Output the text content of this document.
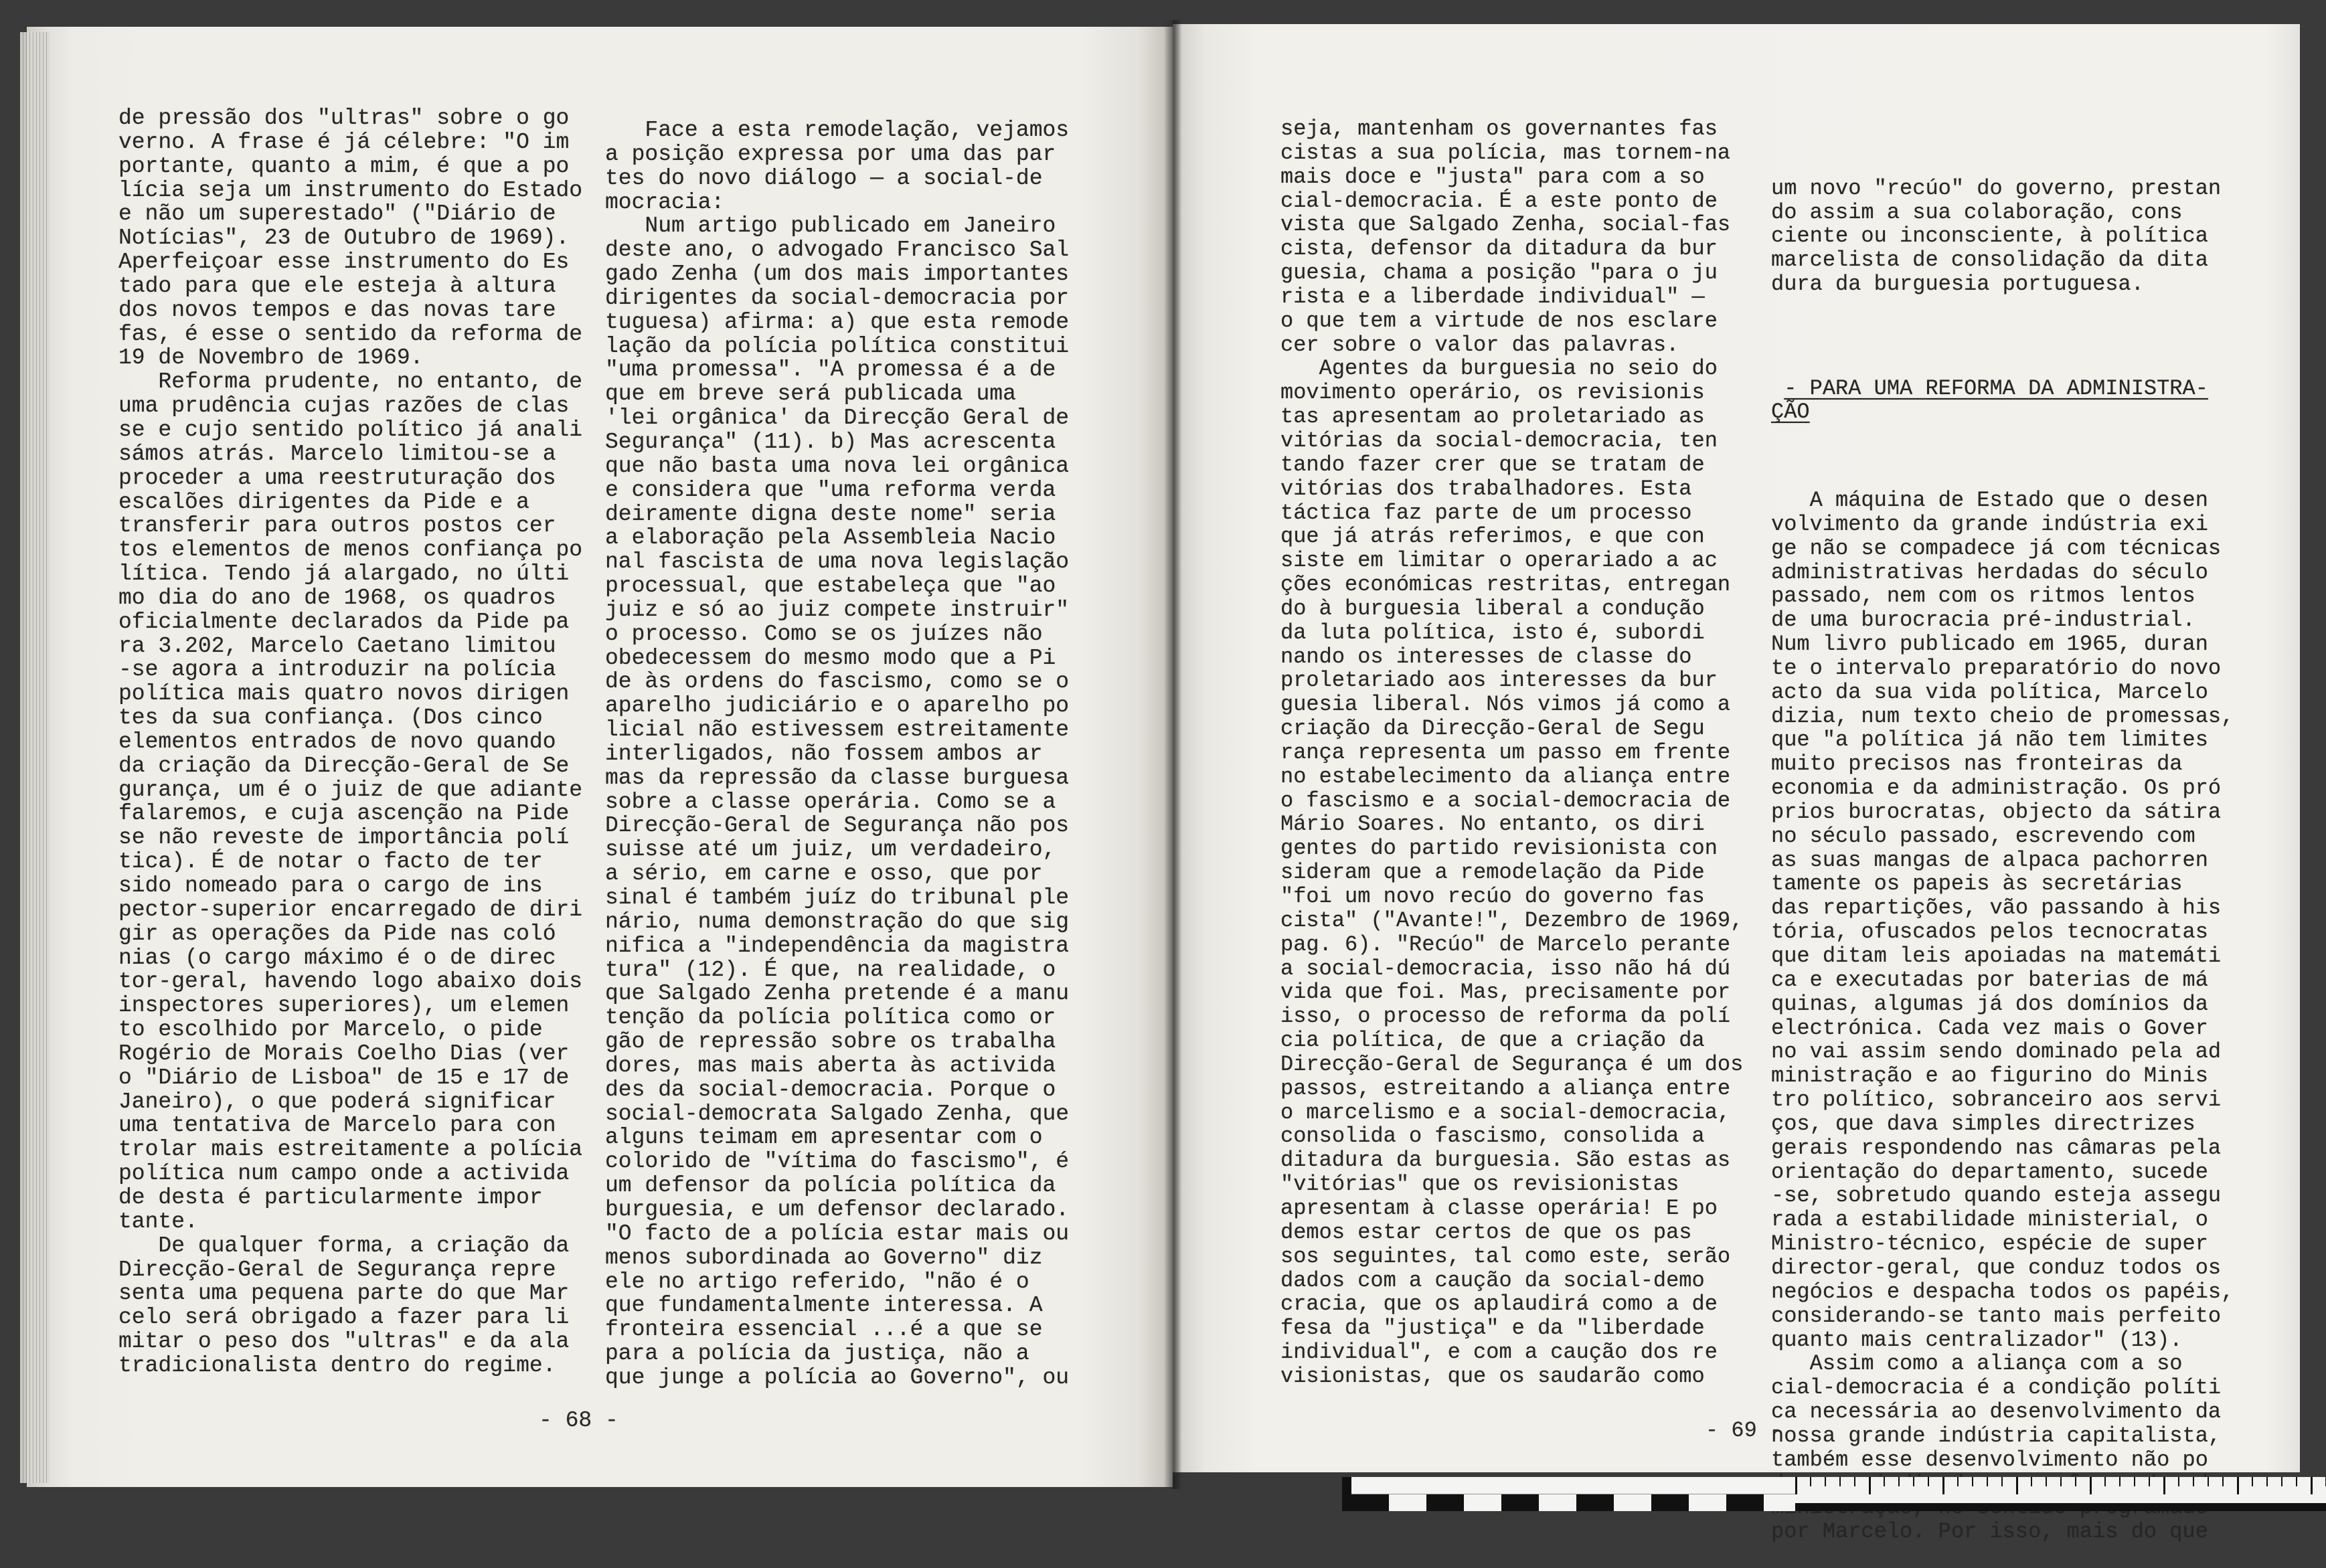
de pressão dos "ultras" sobre o go
verno. A frase é já célebre: "O im
portante, quanto a mim, é que a po
lícia seja um instrumento do Estado
e não um superestado" ("Diário de
Notícias", 23 de Outubro de 1969).
Aperfeiçoar esse instrumento do Es
tado para que ele esteja à altura
dos novos tempos e das novas tare
fas, é esse o sentido da reforma de
19 de Novembro de 1969.
Reforma prudente, no entanto, de
uma prudência cujas razões de clas
se e cujo sentido político já anali
sámos atrás. Marcelo limitou-se a
proceder a uma reestruturação dos
escalões dirigentes da Pide e a
transferir para outros postos cer
tos elementos de menos confiança po
lítica. Tendo já alargado, no últi
mo dia do ano de 1968, os quadros
oficialmente declarados da Pide pa
ra 3.202, Marcelo Caetano limitou
-se agora a introduzir na polícia
política mais quatro novos dirigen
tes da sua confiança. (Dos cinco
elementos entrados de novo quando
da criação da Direcção-Geral de Se
gurança, um é o juiz de que adiante
falaremos, e cuja ascenção na Pide
se não reveste de importância polí
tica). É de notar o facto de ter
sido nomeado para o cargo de ins
pector-superior encarregado de diri
gir as operações da Pide nas coló
nias (o cargo máximo é o de direc
tor-geral, havendo logo abaixo dois
inspectores superiores), um elemen
to escolhido por Marcelo, o pide
Rogério de Morais Coelho Dias (ver
o "Diário de Lisboa" de 15 e 17 de
Janeiro), o que poderá significar
uma tentativa de Marcelo para con
trolar mais estreitamente a polícia
política num campo onde a activida
de desta é particularmente impor
tante.
De qualquer forma, a criação da
Direcção-Geral de Segurança repre
senta uma pequena parte do que Mar
celo será obrigado a fazer para li
mitar o peso dos "ultras" e da ala
tradicionalista dentro do regime.
Face a esta remodelação, vejamos
a posição expressa por uma das par
tes do novo diálogo — a social-de
mocracia:
Num artigo publicado em Janeiro
deste ano, o advogado Francisco Sal
gado Zenha (um dos mais importantes
dirigentes da social-democracia por
tuguesa) afirma: a) que esta remode
lação da polícia política constitui
"uma promessa". "A promessa é a de
que em breve será publicada uma
'lei orgânica' da Direcção Geral de
Segurança" (11). b) Mas acrescenta
que não basta uma nova lei orgânica
e considera que "uma reforma verda
deiramente digna deste nome" seria
a elaboração pela Assembleia Nacio
nal fascista de uma nova legislação
processual, que estabeleça que "ao
juiz e só ao juiz compete instruir"
o processo. Como se os juízes não
obedecessem do mesmo modo que a Pi
de às ordens do fascismo, como se o
aparelho judiciário e o aparelho po
licial não estivessem estreitamente
interligados, não fossem ambos ar
mas da repressão da classe burguesa
sobre a classe operária. Como se a
Direcção-Geral de Segurança não pos
suisse até um juiz, um verdadeiro,
a sério, em carne e osso, que por
sinal é também juíz do tribunal ple
nário, numa demonstração do que sig
nifica a "independência da magistra
tura" (12). É que, na realidade, o
que Salgado Zenha pretende é a manu
tenção da polícia política como or
gão de repressão sobre os trabalha
dores, mas mais aberta às activida
des da social-democracia. Porque o
social-democrata Salgado Zenha, que
alguns teimam em apresentar com o
colorido de "vítima do fascismo", é
um defensor da polícia política da
burguesia, e um defensor declarado.
"O facto de a polícia estar mais ou
menos subordinada ao Governo" diz
ele no artigo referido, "não é o
que fundamentalmente interessa. A
fronteira essencial ...é a que se
para a polícia da justiça, não a
que junge a polícia ao Governo", ou
- 68 -
seja, mantenham os governantes fas
cistas a sua polícia, mas tornem-na
mais doce e "justa" para com a so
cial-democracia. É a este ponto de
vista que Salgado Zenha, social-fas
cista, defensor da ditadura da bur
guesia, chama a posição "para o ju
rista e a liberdade individual" —
o que tem a virtude de nos esclare
cer sobre o valor das palavras.
Agentes da burguesia no seio do
movimento operário, os revisionis
tas apresentam ao proletariado as
vitórias da social-democracia, ten
tando fazer crer que se tratam de
vitórias dos trabalhadores. Esta
táctica faz parte de um processo
que já atrás referimos, e que con
siste em limitar o operariado a ac
ções económicas restritas, entregan
do à burguesia liberal a condução
da luta política, isto é, subordi
nando os interesses de classe do
proletariado aos interesses da bur
guesia liberal. Nós vimos já como a
criação da Direcção-Geral de Segu
rança representa um passo em frente
no estabelecimento da aliança entre
o fascismo e a social-democracia de
Mário Soares. No entanto, os diri
gentes do partido revisionista con
sideram que a remodelação da Pide
"foi um novo recúo do governo fas
cista" ("Avante!", Dezembro de 1969,
pag. 6). "Recúo" de Marcelo perante
a social-democracia, isso não há dú
vida que foi. Mas, precisamente por
isso, o processo de reforma da polí
cia política, de que a criação da
Direcção-Geral de Segurança é um dos
passos, estreitando a aliança entre
o marcelismo e a social-democracia,
consolida o fascismo, consolida a
ditadura da burguesia. São estas as
"vitórias" que os revisionistas
apresentam à classe operária! E po
demos estar certos de que os pas
sos seguintes, tal como este, serão
dados com a caução da social-demo
cracia, que os aplaudirá como a de
fesa da "justiça" e da "liberdade
individual", e com a caução dos re
visionistas, que os saudarão como

um novo "recúo" do governo, prestan
do assim a sua colaboração, cons
ciente ou inconsciente, à política
marcelista de consolidação da dita
dura da burguesia portuguesa.

- PARA UMA REFORMA DA ADMINISTRA-
ÇÃO

A máquina de Estado que o desen
volvimento da grande indústria exi
ge não se compadece já com técnicas
administrativas herdadas do século
passado, nem com os ritmos lentos
de uma burocracia pré-industrial.
Num livro publicado em 1965, duran
te o intervalo preparatório do novo
acto da sua vida política, Marcelo
dizia, num texto cheio de promessas,
que "a política já não tem limites
muito precisos nas fronteiras da
economia e da administração. Os pró
prios burocratas, objecto da sátira
no século passado, escrevendo com
as suas mangas de alpaca pachorren
tamente os papeis às secretárias
das repartições, vão passando à his
tória, ofuscados pelos tecnocratas
que ditam leis apoiadas na matemáti
ca e executadas por baterias de má
quinas, algumas já dos domínios da
electrónica. Cada vez mais o Gover
no vai assim sendo dominado pela ad
ministração e ao figurino do Minis
tro político, sobranceiro aos servi
ços, que dava simples directrizes
gerais respondendo nas câmaras pela
orientação do departamento, sucede
-se, sobretudo quando esteja assegu
rada a estabilidade ministerial, o
Ministro-técnico, espécie de super
director-geral, que conduz todos os
negócios e despacha todos os papéis,
considerando-se tanto mais perfeito
quanto mais centralizador" (13).
Assim como a aliança com a so
cial-democracia é a condição políti
ca necessária ao desenvolvimento da
nossa grande indústria capitalista,
também esse desenvolvimento não po
por Marcelo. Por isso, mais do que

- 69 -
